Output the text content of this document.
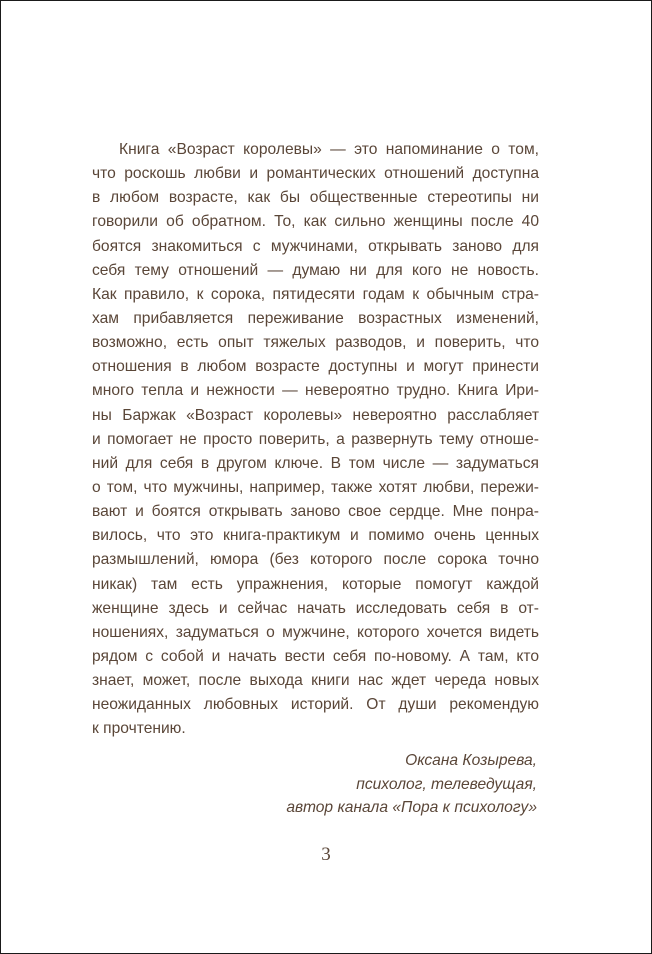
Книга «Возраст королевы» — это напоминание о том,
что роскошь любви и романтических отношений доступна
в любом возрасте, как бы общественные стереотипы ни
говорили об обратном. То, как сильно женщины после 40
боятся знакомиться с мужчинами, открывать заново для
себя тему отношений — думаю ни для кого не новость.
Как правило, к сорока, пятидесяти годам к обычным стра-
хам прибавляется переживание возрастных изменений,
возможно, есть опыт тяжелых разводов, и поверить, что
отношения в любом возрасте доступны и могут принести
много тепла и нежности — невероятно трудно. Книга Ири-
ны Баржак «Возраст королевы» невероятно расслабляет
и помогает не просто поверить, а развернуть тему отноше-
ний для себя в другом ключе. В том числе — задуматься
о том, что мужчины, например, также хотят любви, пережи-
вают и боятся открывать заново свое сердце. Мне понра-
вилось, что это книга-практикум и помимо очень ценных
размышлений, юмора (без которого после сорока точно
никак) там есть упражнения, которые помогут каждой
женщине здесь и сейчас начать исследовать себя в от-
ношениях, задуматься о мужчине, которого хочется видеть
рядом с собой и начать вести себя по-новому. А там, кто
знает, может, после выхода книги нас ждет череда новых
неожиданных любовных историй. От души рекомендую
к прочтению.
Оксана Козырева,
психолог, телеведущая,
автор канала «Пора к психологу»
3
